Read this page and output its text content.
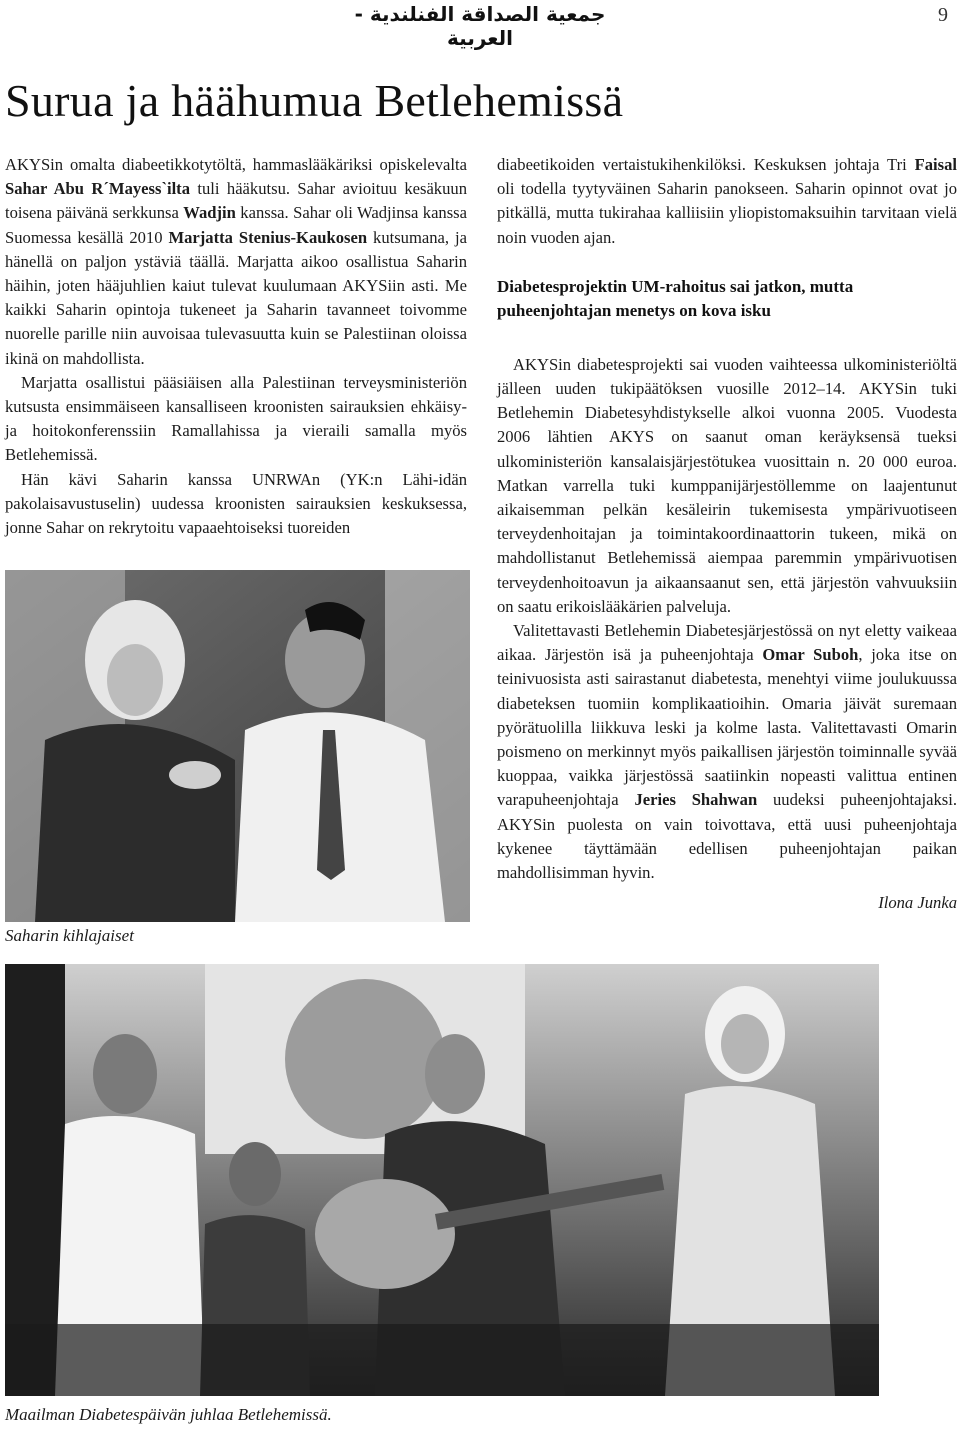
جمعية الصداقة الفنلندية - العربية
9
Surua ja häähumua Betlehemissä

AKYSin omalta diabeetikkotytöltä, hammaslääkäriksi opiskelevalta Sahar Abu R´Mayess`ilta tuli hääkutsu. Sahar avioituu kesäkuun toisena päivänä serkkunsa Wadjin kanssa. Sahar oli Wadjinsa kanssa Suomessa kesällä 2010 Marjatta Stenius-Kaukosen kutsumana, ja hänellä on paljon ystäviä täällä. Marjatta aikoo osallistua Saharin häihin, joten hääjuhlien kaiut tulevat kuulumaan AKYSiin asti. Me kaikki Saharin opintoja tukeneet ja Saharin tavanneet toivomme nuorelle parille niin auvoisaa tulevasuutta kuin se Palestiinan oloissa ikinä on mahdollista.

Marjatta osallistui pääsiäisen alla Palestiinan terveysministeriön kutsusta ensimmäiseen kansalliseen kroonisten sairauksien ehkäisy- ja hoitokonferenssiin Ramallahissa ja vieraili samalla myös Betlehemissä.

Hän kävi Saharin kanssa UNRWAn (YK:n Lähi-idän pakolaisavustuselin) uudessa kroonisten sairauksien keskuksessa, jonne Sahar on rekrytoitu vapaaehtoiseksi tuoreiden

Saharin kihlajaiset

diabeetikoiden vertaistukihenkilöksi. Keskuksen johtaja Tri Faisal oli todella tyytyväinen Saharin panokseen. Saharin opinnot ovat jo pitkällä, mutta tukirahaa kalliisiin yliopistomaksuihin tarvitaan vielä noin vuoden ajan.

Diabetesprojektin UM-rahoitus sai jatkon, mutta puheenjohtajan menetys on kova isku

AKYSin diabetesprojekti sai vuoden vaihteessa ulkoministeriöltä jälleen uuden tukipäätöksen vuosille 2012–14. AKYSin tuki Betlehemin Diabetesyhdistykselle alkoi vuonna 2005. Vuodesta 2006 lähtien AKYS on saanut oman keräyksensä tueksi ulkoministeriön kansalaisjärjestötukea vuosittain n. 20 000 euroa. Matkan varrella tuki kumppanijärjestöllemme on laajentunut aikaisemman pelkän kesäleirin tukemisesta ympärivuotiseen terveydenhoitajan ja toimintakoordinaattorin tukeen, mikä on mahdollistanut Betlehemissä aiempaa paremmin ympärivuotisen terveydenhoitoavun ja aikaansaanut sen, että järjestön vahvuuksiin on saatu erikoislääkärien palveluja.

Valitettavasti Betlehemin Diabetesjärjestössä on nyt eletty vaikeaa aikaa. Järjestön isä ja puheenjohtaja Omar Suboh, joka itse on teinivuosista asti sairastanut diabetesta, menehtyi viime joulukuussa diabeteksen tuomiin komplikaatioihin. Omaria jäivät suremaan pyörätuolilla liikkuva leski ja kolme lasta. Valitettavasti Omarin poismeno on merkinnyt myös paikallisen järjestön toiminnalle syvää kuoppaa, vaikka järjestössä saatiinkin nopeasti valittua entinen varapuheenjohtaja Jeries Shahwan uudeksi puheenjohtajaksi. AKYSin puolesta on vain toivottava, että uusi puheenjohtaja kykenee täyttämään edellisen puheenjohtajan paikan mahdollisimman hyvin.

Ilona Junka

Maailman Diabetespäivän juhlaa Betlehemissä.
